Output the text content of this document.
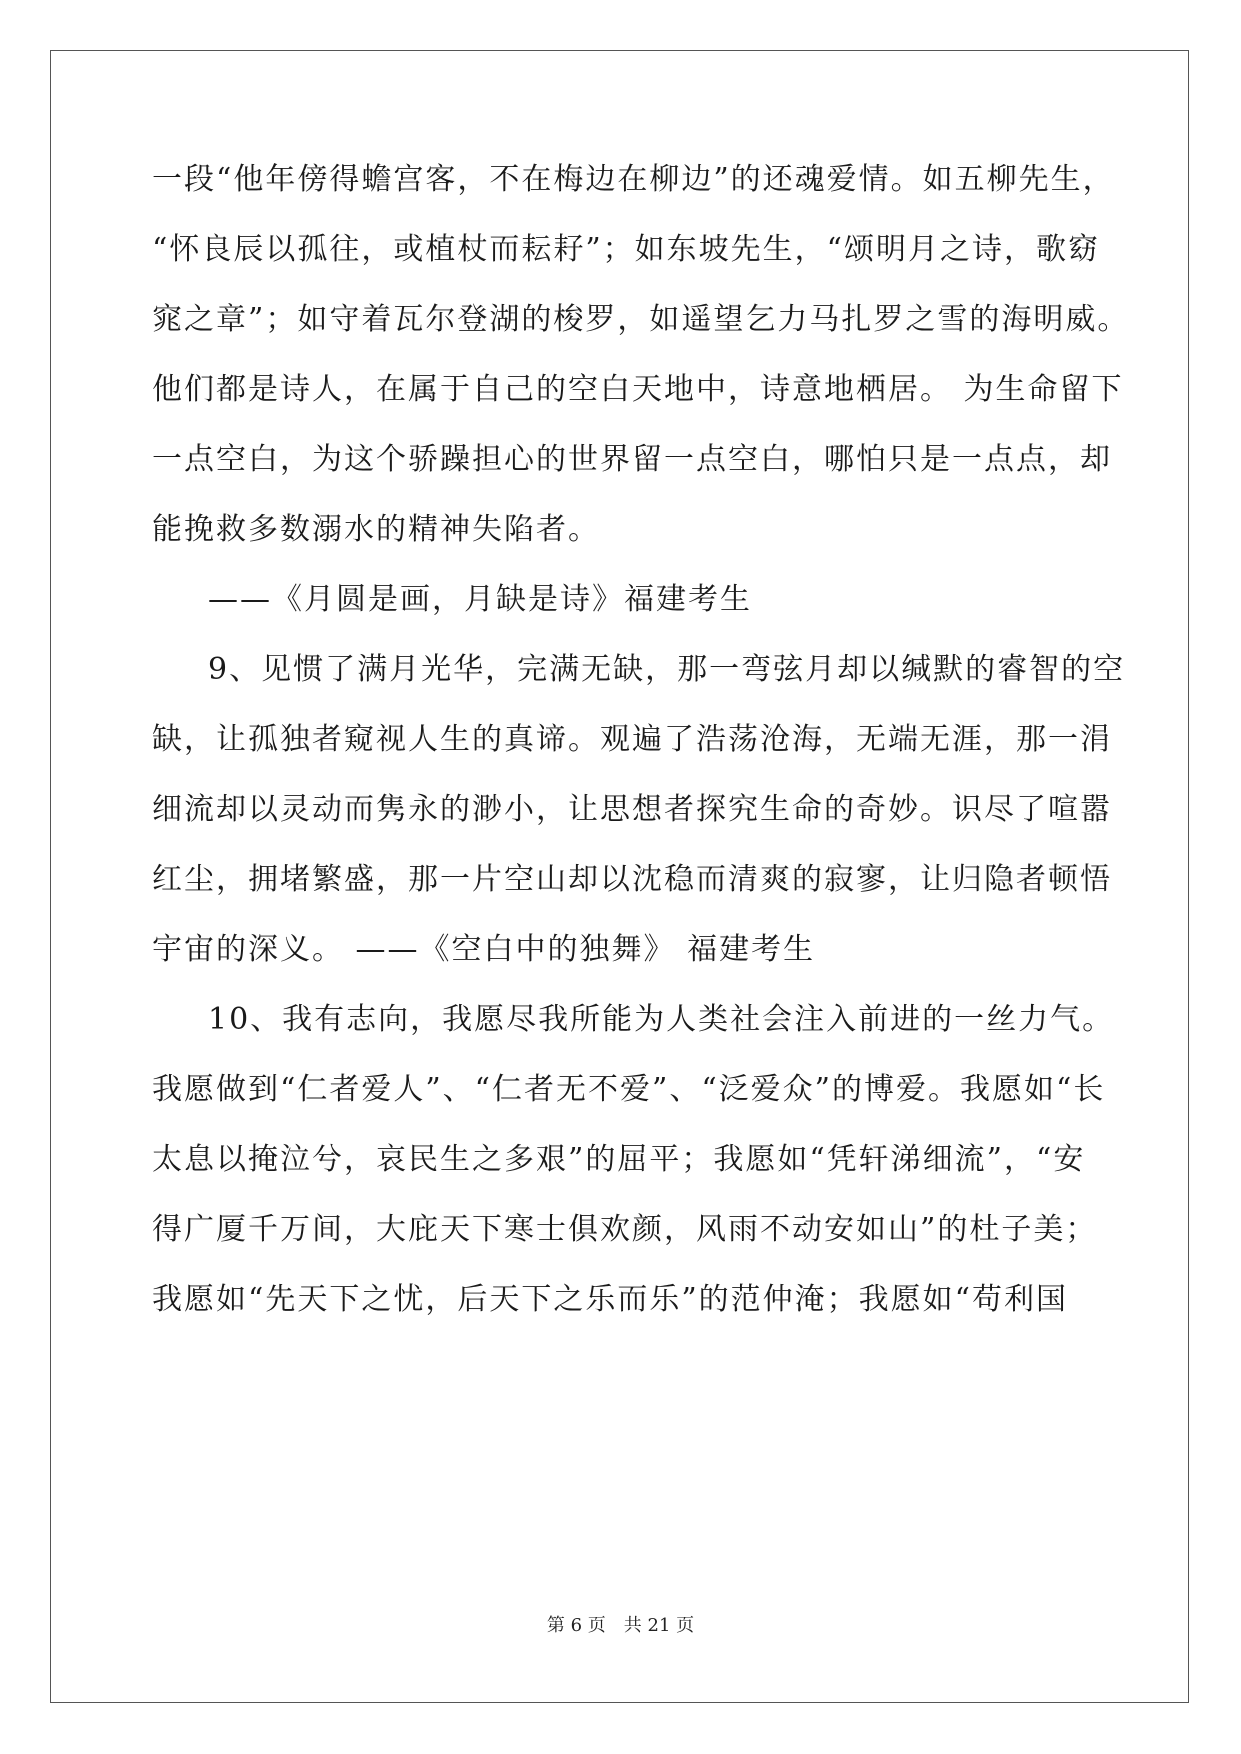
一段“他年傍得蟾宫客，不在梅边在柳边”的还魂爱情。如五柳先生，
“怀良辰以孤往，或植杖而耘耔”；如东坡先生，“颂明月之诗，歌窈
窕之章”；如守着瓦尔登湖的梭罗，如遥望乞力马扎罗之雪的海明威。
他们都是诗人，在属于自己的空白天地中，诗意地栖居。 为生命留下
一点空白，为这个骄躁担心的世界留一点空白，哪怕只是一点点，却
能挽救多数溺水的精神失陷者。
——《月圆是画，月缺是诗》福建考生
9、见惯了满月光华，完满无缺，那一弯弦月却以缄默的睿智的空
缺，让孤独者窥视人生的真谛。观遍了浩荡沧海，无端无涯，那一涓
细流却以灵动而隽永的渺小，让思想者探究生命的奇妙。识尽了喧嚣
红尘，拥堵繁盛，那一片空山却以沈稳而清爽的寂寥，让归隐者顿悟
宇宙的深义。 ——《空白中的独舞》 福建考生
10、我有志向，我愿尽我所能为人类社会注入前进的一丝力气。
我愿做到“仁者爱人”、“仁者无不爱”、“泛爱众”的博爱。我愿如“长
太息以掩泣兮，哀民生之多艰”的屈平；我愿如“凭轩涕细流”，“安
得广厦千万间，大庇天下寒士俱欢颜，风雨不动安如山”的杜子美；
我愿如“先天下之忧，后天下之乐而乐”的范仲淹；我愿如“苟利国
第 6 页　共 21 页
